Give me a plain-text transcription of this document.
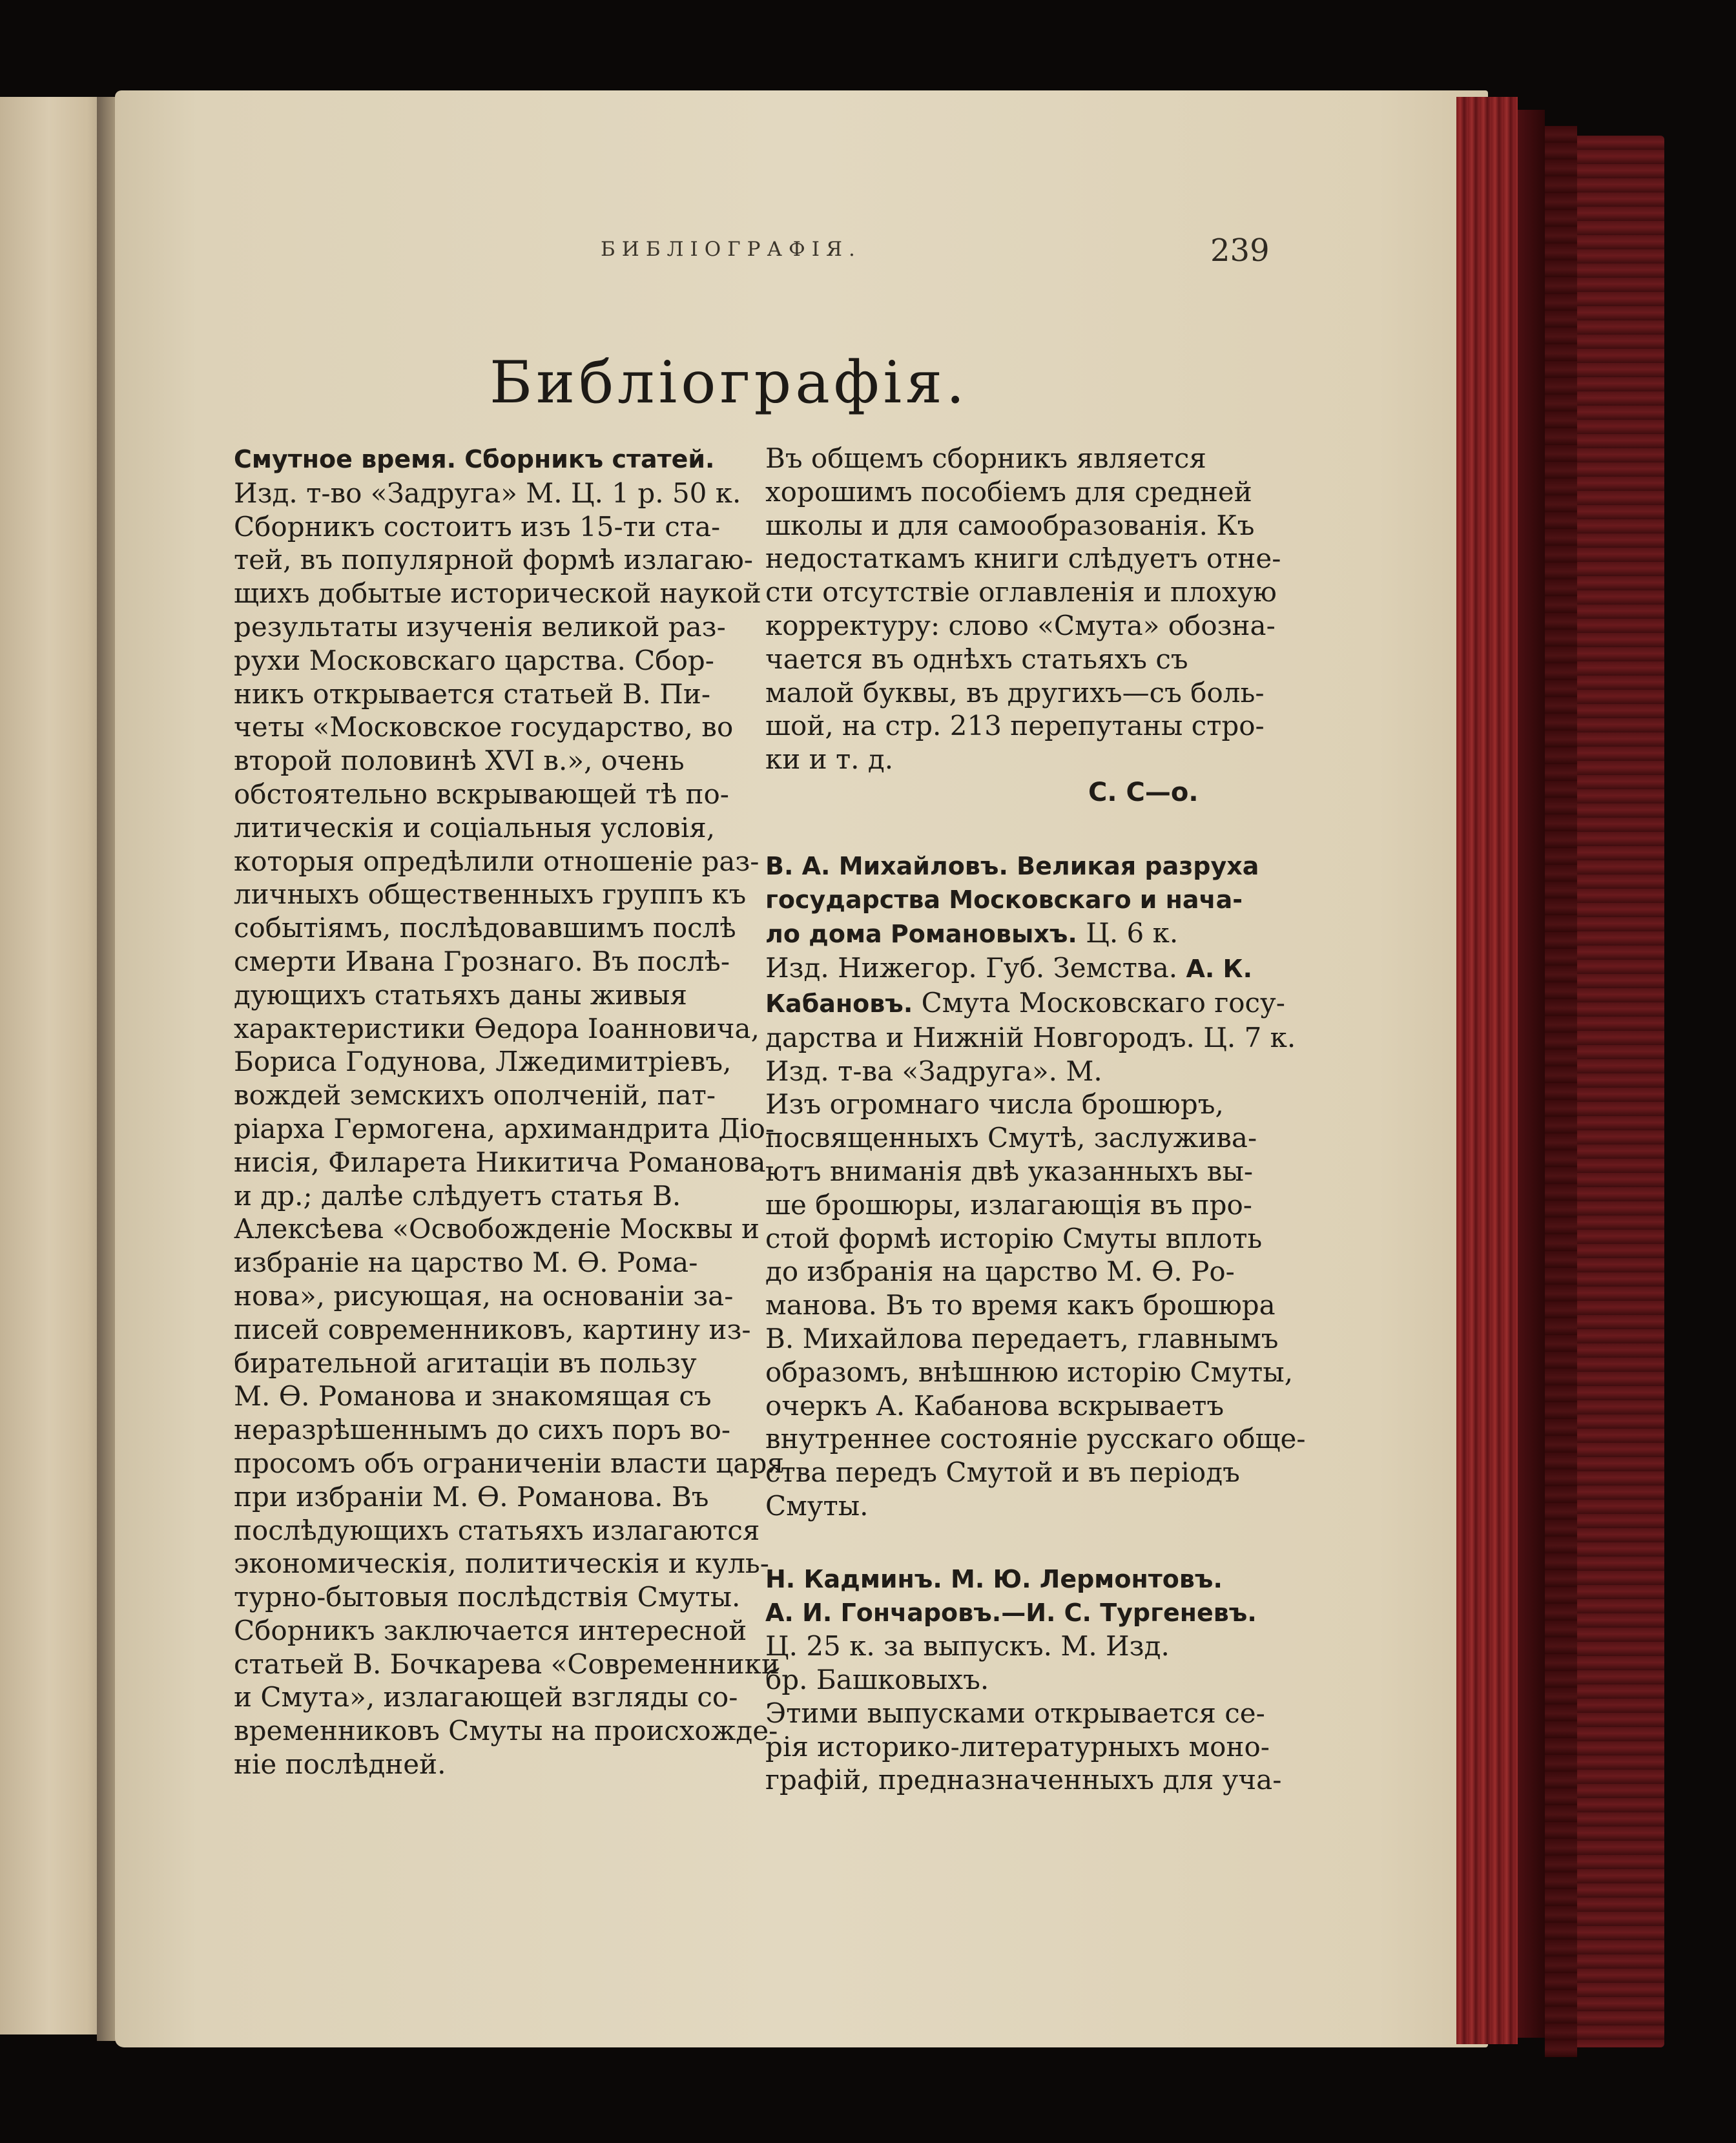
БИБЛІОГРАФІЯ.	239

Библіографія.

Смутное время. Сборникъ статей.

Изд. т-во «Задруга» М. Ц. 1 р. 50 к.

Сборникъ состоитъ изъ 15-ти ста-

тей, въ популярной формѣ излагаю-

щихъ добытые исторической наукой

результаты изученія великой раз-

рухи Московскаго царства. Сбор-

никъ открывается статьей В. Пи-

четы «Московское государство, во

второй половинѣ XVI в.», очень

обстоятельно вскрывающей тѣ по-

литическія и соціальныя условія,

которыя опредѣлили отношеніе раз-

личныхъ общественныхъ группъ къ

событіямъ, послѣдовавшимъ послѣ

смерти Ивана Грознаго. Въ послѣ-

дующихъ статьяхъ даны живыя

характеристики Өедора Іоанновича,

Бориса Годунова, Лжедимитріевъ,

вождей земскихъ ополченій, пат-

ріарха Гермогена, архимандрита Діо-

нисія, Филарета Никитича Романова

и др.; далѣе слѣдуетъ статья В.

Алексѣева «Освобожденіе Москвы и

избраніе на царство М. Ө. Рома-

нова», рисующая, на основаніи за-

писей современниковъ, картину из-

бирательной агитаціи въ пользу

М. Ө. Романова и знакомящая съ

неразрѣшеннымъ до сихъ поръ во-

просомъ объ ограниченіи власти царя

при избраніи М. Ө. Романова. Въ

послѣдующихъ статьяхъ излагаются

экономическія, политическія и куль-

турно-бытовыя послѣдствія Смуты.

Сборникъ заключается интересной

статьей В. Бочкарева «Современники

и Смута», излагающей взгляды со-

временниковъ Смуты на происхожде-

ніе послѣдней.

Въ общемъ сборникъ является

хорошимъ пособіемъ для средней

школы и для самообразованія. Къ

недостаткамъ книги слѣдуетъ отне-

сти отсутствіе оглавленія и плохую

корректуру: слово «Смута» обозна-

чается въ однѣхъ статьяхъ съ

малой буквы, въ другихъ—съ боль-

шой, на стр. 213 перепутаны стро-

ки и т. д.

С. С—о.

В. А. Михайловъ. Великая разруха

государства Московскаго и нача-

ло дома Романовыхъ. Ц. 6 к.

Изд. Нижегор. Губ. Земства. А. К.

Кабановъ. Смута Московскаго госу-

дарства и Нижній Новгородъ. Ц. 7 к.

Изд. т-ва «Задруга». М.

Изъ огромнаго числа брошюръ,

посвященныхъ Смутѣ, заслужива-

ютъ вниманія двѣ указанныхъ вы-

ше брошюры, излагающія въ про-

стой формѣ исторію Смуты вплоть

до избранія на царство М. Ө. Ро-

манова. Въ то время какъ брошюра

В. Михайлова передаетъ, главнымъ

образомъ, внѣшнюю исторію Смуты,

очеркъ А. Кабанова вскрываетъ

внутреннее состояніе русскаго обще-

ства передъ Смутой и въ періодъ

Смуты.

Н. Кадминъ. М. Ю. Лермонтовъ.

А. И. Гончаровъ.—И. С. Тургеневъ.

Ц. 25 к. за выпускъ. М. Изд.

бр. Башковыхъ.

Этими выпусками открывается се-

рія историко-литературныхъ моно-

графій, предназначенныхъ для уча-
